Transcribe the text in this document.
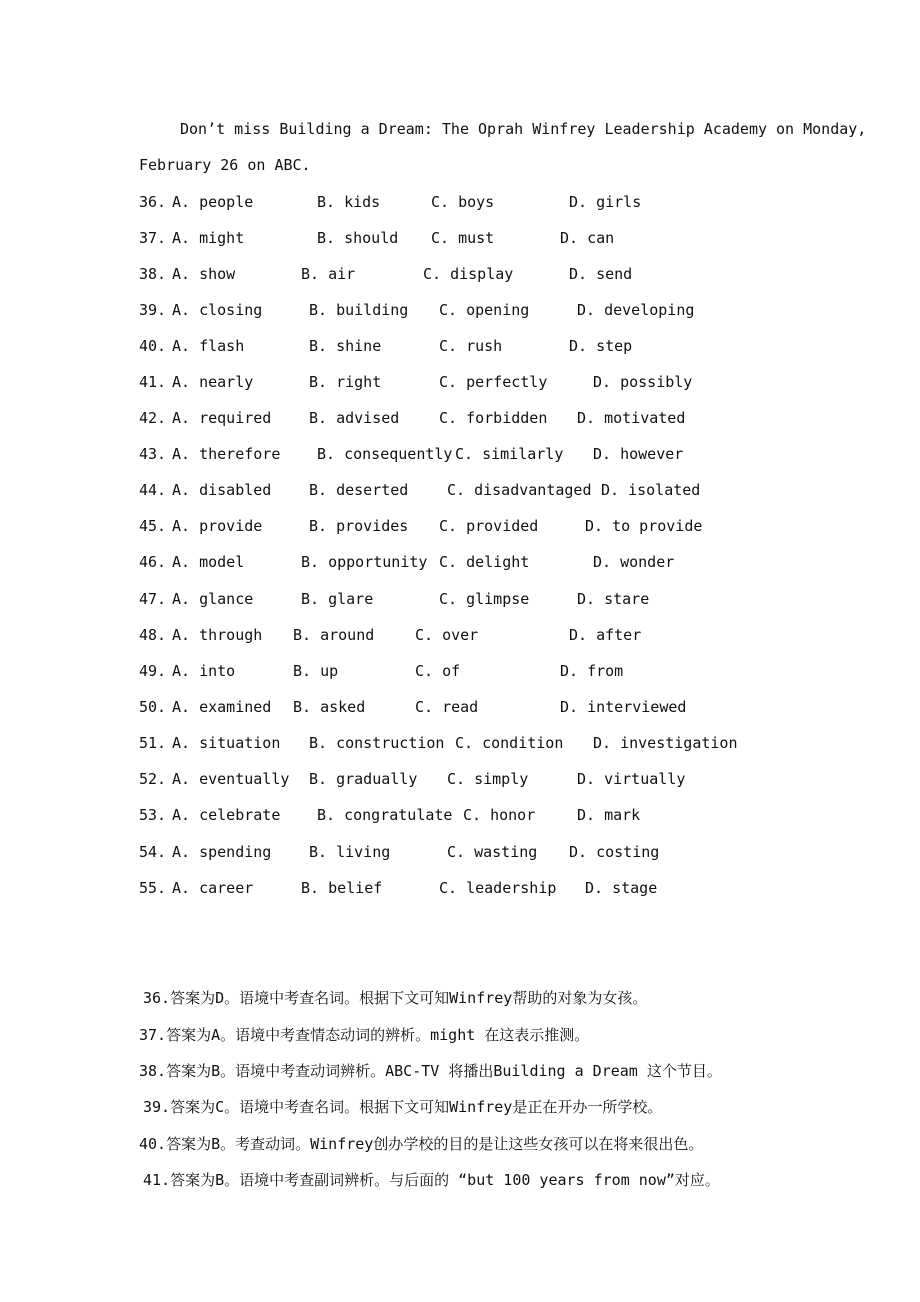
Don’t miss Building a Dream: The Oprah Winfrey Leadership Academy on Monday,
February 26 on ABC.
36. A. people	B. kids	C. boys	D. girls
37. A. might	B. should C. must	D. can
38. A. show	B. air	C. display	D. send
39. A. closing	B. building C. opening	D. developing
40. A. flash	B. shine	C. rush	D. step
41. A. nearly	B. right	C. perfectly	D. possibly
42. A. required	B. advised	C. forbidden D. motivated
43. A. therefore B. consequently C. similarly D. however
44. A. disabled	B. deserted	C. disadvantaged D. isolated
45. A. provide	B. provides C. provided	D. to provide
46. A. model	B. opportunity C. delight	D. wonder
47. A. glance	B. glare	C. glimpse	D. stare
48. A. through B. around	C. over	D. after
49. A. into	B. up	C. of	D. from
50. A. examined B. asked	C. read	D. interviewed
51. A. situation B. construction C. condition D. investigation
52. A. eventually B. gradually C. simply	D. virtually
53. A. celebrate B. congratulate C. honor	D. mark
54. A. spending	B. living	C. wasting D. costing
55. A. career	B. belief	C. leadership D. stage
36.答案为D。语境中考查名词。根据下文可知Winfrey帮助的对象为女孩。
37.答案为A。语境中考查情态动词的辨析。might 在这表示推测。
38.答案为B。语境中考查动词辨析。ABC-TV 将播出Building a Dream 这个节目。
39.答案为C。语境中考查名词。根据下文可知Winfrey是正在开办一所学校。
40.答案为B。考查动词。Winfrey创办学校的目的是让这些女孩可以在将来很出色。
41.答案为B。语境中考查副词辨析。与后面的 “but 100 years from now”对应。
